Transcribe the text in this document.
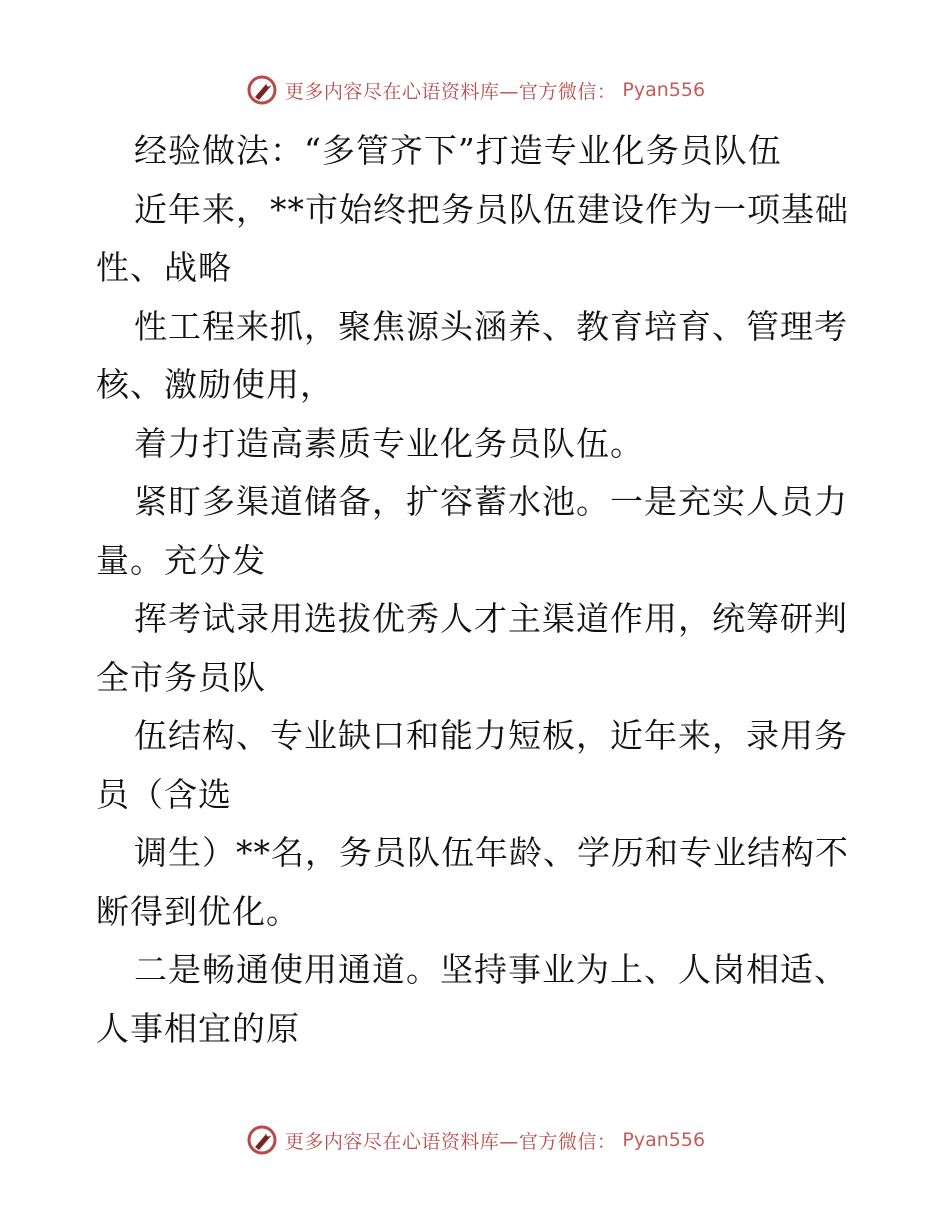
更多内容尽在心语资料库—官方微信： Pyan556
经验做法：“多管齐下”打造专业化务员队伍
近年来，**市始终把务员队伍建设作为一项基础
性、战略
性工程来抓，聚焦源头涵养、教育培育、管理考
核、激励使用，
着力打造高素质专业化务员队伍。
紧盯多渠道储备，扩容蓄水池。一是充实人员力
量。充分发
挥考试录用选拔优秀人才主渠道作用，统筹研判
全市务员队
伍结构、专业缺口和能力短板，近年来，录用务
员（含选
调生）**名，务员队伍年龄、学历和专业结构不
断得到优化。
二是畅通使用通道。坚持事业为上、人岗相适、
人事相宜的原
更多内容尽在心语资料库—官方微信： Pyan556
